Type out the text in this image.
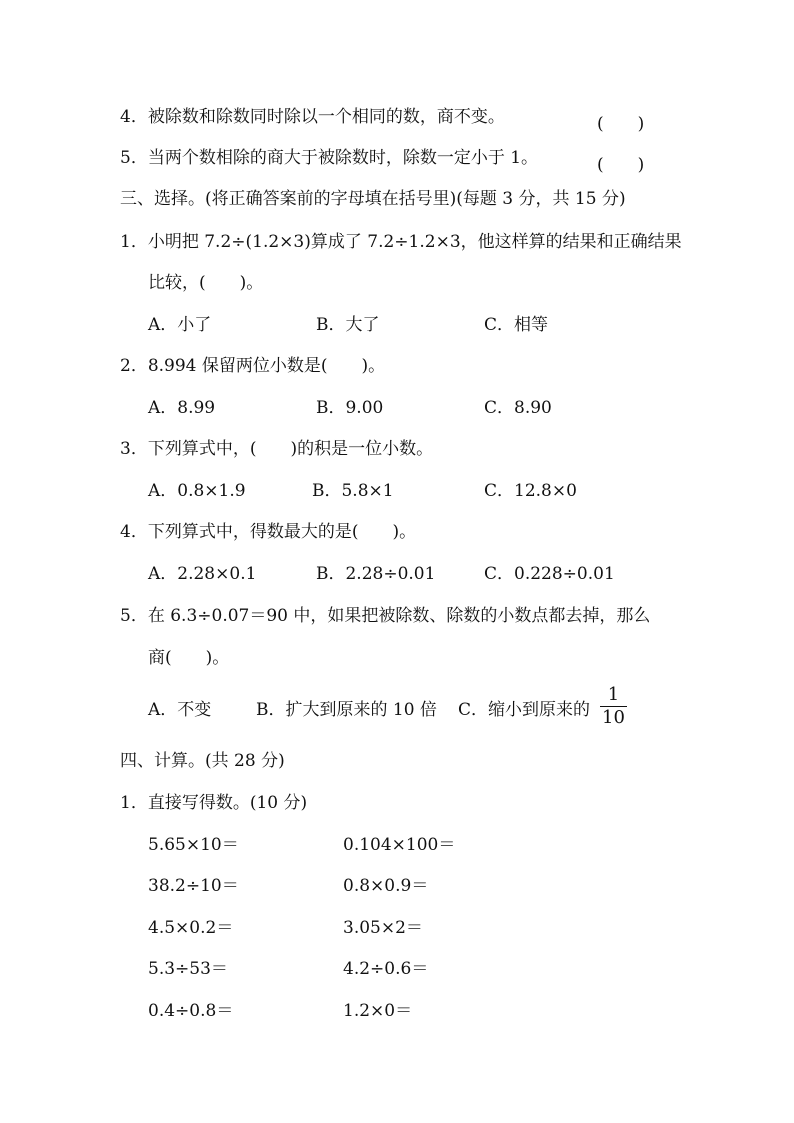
4．被除数和除数同时除以一个相同的数，商不变。	(　　)
5．当两个数相除的商大于被除数时，除数一定小于 1。	(　　)
三、选择。(将正确答案前的字母填在括号里)(每题 3 分，共 15 分)
1．小明把 7.2÷(1.2×3)算成了 7.2÷1.2×3，他这样算的结果和正确结果
比较，(　　)。
A．小了	B．大了	C．相等
2．8.994 保留两位小数是(　　)。
A．8.99	B．9.00	C．8.90
3．下列算式中，(　　)的积是一位小数。
A．0.8×1.9	B．5.8×1	C．12.8×0
4．下列算式中，得数最大的是(　　)。
A．2.28×0.1	B．2.28÷0.01	C．0.228÷0.01
5．在 6.3÷0.07＝90 中，如果把被除数、除数的小数点都去掉，那么
商(　　)。
A．不变	B．扩大到原来的 10 倍 C．缩小到原来的
1
10
四、计算。(共 28 分)
1．直接写得数。(10 分)
5.65×10＝	0.104×100＝
38.2÷10＝	0.8×0.9＝
4.5×0.2＝	3.05×2＝
5.3÷53＝	4.2÷0.6＝
0.4÷0.8＝	1.2×0＝
